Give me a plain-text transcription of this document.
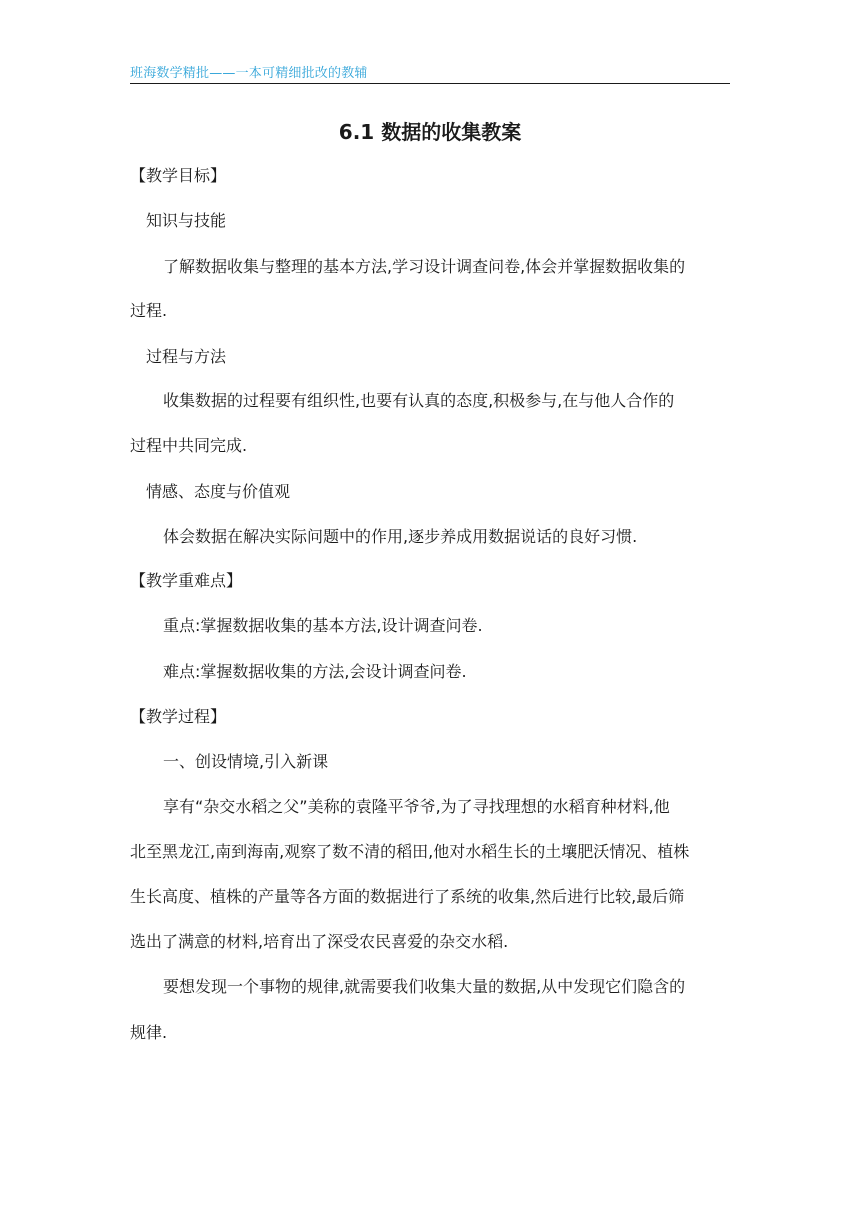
班海数学精批——一本可精细批改的教辅
6.1 数据的收集教案
【教学目标】
知识与技能
了解数据收集与整理的基本方法,学习设计调查问卷,体会并掌握数据收集的
过程.
过程与方法
收集数据的过程要有组织性,也要有认真的态度,积极参与,在与他人合作的
过程中共同完成.
情感、态度与价值观
体会数据在解决实际问题中的作用,逐步养成用数据说话的良好习惯.
【教学重难点】
重点:掌握数据收集的基本方法,设计调查问卷.
难点:掌握数据收集的方法,会设计调查问卷.
【教学过程】
一、创设情境,引入新课
享有“杂交水稻之父”美称的袁隆平爷爷,为了寻找理想的水稻育种材料,他
北至黑龙江,南到海南,观察了数不清的稻田,他对水稻生长的土壤肥沃情况、植株
生长高度、植株的产量等各方面的数据进行了系统的收集,然后进行比较,最后筛
选出了满意的材料,培育出了深受农民喜爱的杂交水稻.
要想发现一个事物的规律,就需要我们收集大量的数据,从中发现它们隐含的
规律.
